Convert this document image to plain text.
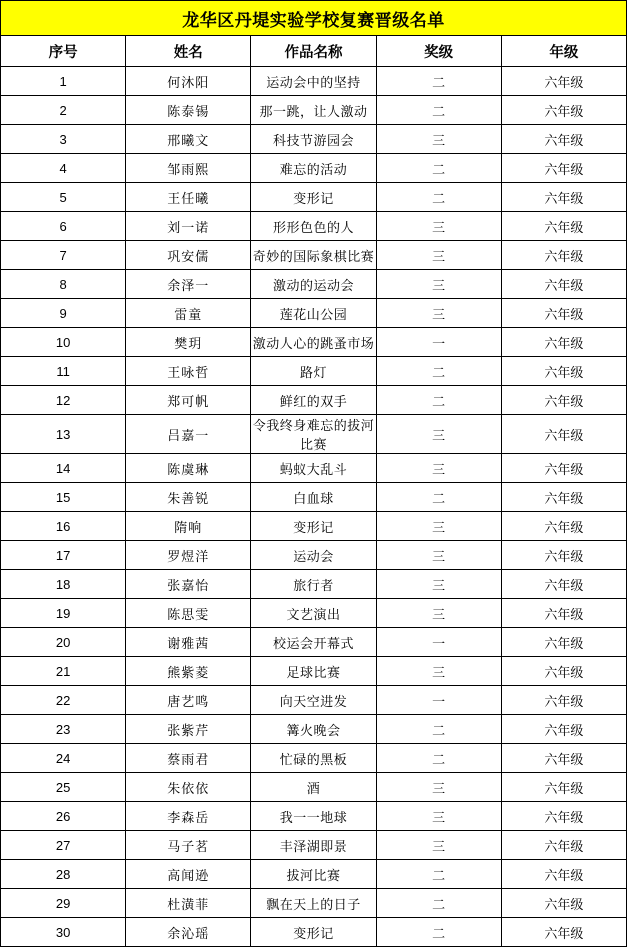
龙华区丹堤实验学校复赛晋级名单				
序号	姓名	作品名称	奖级	年级
1	何沐阳	运动会中的坚持	二	六年级
2	陈泰锡	那一跳，让人激动	二	六年级
3	邢曦文	科技节游园会	三	六年级
4	邹雨熙	难忘的活动	二	六年级
5	王任曦	变形记	二	六年级
6	刘一诺	形形色色的人	三	六年级
7	巩安儒	奇妙的国际象棋比赛	三	六年级
8	余泽一	激动的运动会	三	六年级
9	雷童	莲花山公园	三	六年级
10	樊玥	激动人心的跳蚤市场	一	六年级
11	王咏哲	路灯	二	六年级
12	郑可帆	鲜红的双手	二	六年级
13	吕嘉一	令我终身难忘的拔河比赛	三	六年级
14	陈虞琳	蚂蚁大乱斗	三	六年级
15	朱善锐	白血球	二	六年级
16	隋响	变形记	三	六年级
17	罗煜洋	运动会	三	六年级
18	张嘉怡	旅行者	三	六年级
19	陈思雯	文艺演出	三	六年级
20	谢雅茜	校运会开幕式	一	六年级
21	熊紫菱	足球比赛	三	六年级
22	唐艺鸣	向天空进发	一	六年级
23	张紫芹	篝火晚会	二	六年级
24	蔡雨君	忙碌的黑板	二	六年级
25	朱依依	酒	三	六年级
26	李森岳	我一一地球	三	六年级
27	马子茗	丰泽湖即景	三	六年级
28	高闻逊	拔河比赛	二	六年级
29	杜潢菲	飘在天上的日子	二	六年级
30	余沁瑶	变形记	二	六年级
